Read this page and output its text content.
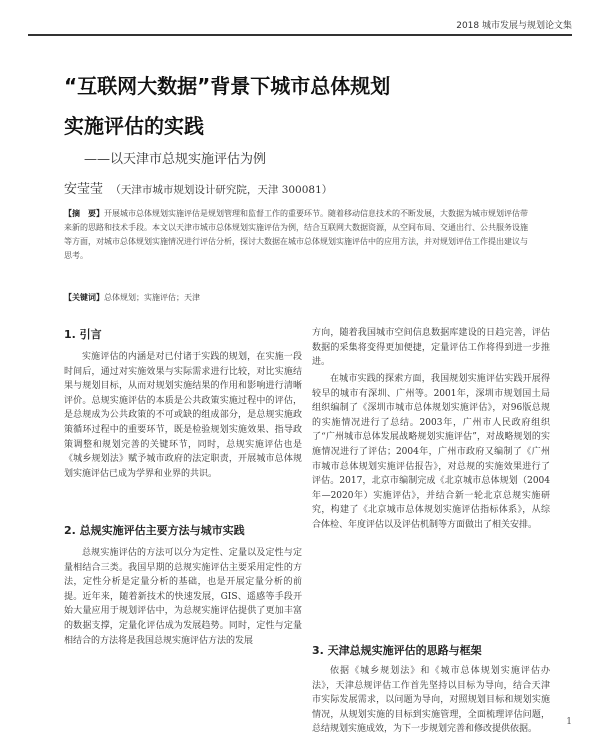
2018 城市发展与规划论文集
“互联网大数据”背景下城市总体规划
实施评估的实践
——以天津市总规实施评估为例
安莹莹 （天津市城市规划设计研究院，天津 300081）
【摘　要】开展城市总体规划实施评估是规划管理和监督工作的重要环节。随着移动信息技术的不断发展，大数据为城市规划评估带来新的思路和技术手段。本文以天津市城市总体规划实施评估为例，结合互联网大数据资源，从空间布局、交通出行、公共服务设施等方面，对城市总体规划实施情况进行评估分析，探讨大数据在城市总体规划实施评估中的应用方法，并对规划评估工作提出建议与思考。
【关键词】总体规划；实施评估；天津
1. 引言

实施评估的内涵是对已付诸于实践的规划，在实施一段时间后，通过对实施效果与实际需求进行比较，对比实施结果与规划目标，从而对规划实施结果的作用和影响进行清晰评价。总规实施评估的本质是公共政策实施过程中的评估，是总规成为公共政策的不可或缺的组成部分，是总规实施政策循环过程中的重要环节，既是检验规划实施效果、指导政策调整和规划完善的关键环节，同时，总规实施评估也是《城乡规划法》赋予城市政府的法定职责，开展城市总体规划实施评估已成为学界和业界的共识。

2. 总规实施评估主要方法与城市实践

总规实施评估的方法可以分为定性、定量以及定性与定量相结合三类。我国早期的总规实施评估主要采用定性的方法，定性分析是定量分析的基础，也是开展定量分析的前提。近年来，随着新技术的快速发展，GIS、遥感等手段开始大量应用于规划评估中，为总规实施评估提供了更加丰富的数据支撑，定量化评估成为发展趋势。同时，定性与定量相结合的方法将是我国总规实施评估方法的发展

方向，随着我国城市空间信息数据库建设的日趋完善，评估数据的采集将变得更加便捷，定量评估工作将得到进一步推进。

在城市实践的探索方面，我国规划实施评估实践开展得较早的城市有深圳、广州等。2001年，深圳市规划国土局组织编制了《深圳市城市总体规划实施评估》，对96版总规的实施情况进行了总结。2003年，广州市人民政府组织了“广州城市总体发展战略规划实施评估”，对战略规划的实施情况进行了评估；2004年，广州市政府又编制了《广州市城市总体规划实施评估报告》，对总规的实施效果进行了评估。2017，北京市编制完成《北京城市总体规划（2004年—2020年）实施评估》，并结合新一轮北京总规实施研究，构建了《北京城市总体规划实施评估指标体系》，从综合体检、年度评估以及评估机制等方面做出了相关安排。

3. 天津总规实施评估的思路与框架

依据《城乡规划法》和《城市总体规划实施评估办法》，天津总规评估工作首先坚持以目标为导向，结合天津市实际发展需求，以问题为导向，对照规划目标和规划实施情况，从规划实施的目标到实施管理，全面梳理评估问题，总结规划实施成效，为下一步规划完善和修改提供依据。

1
